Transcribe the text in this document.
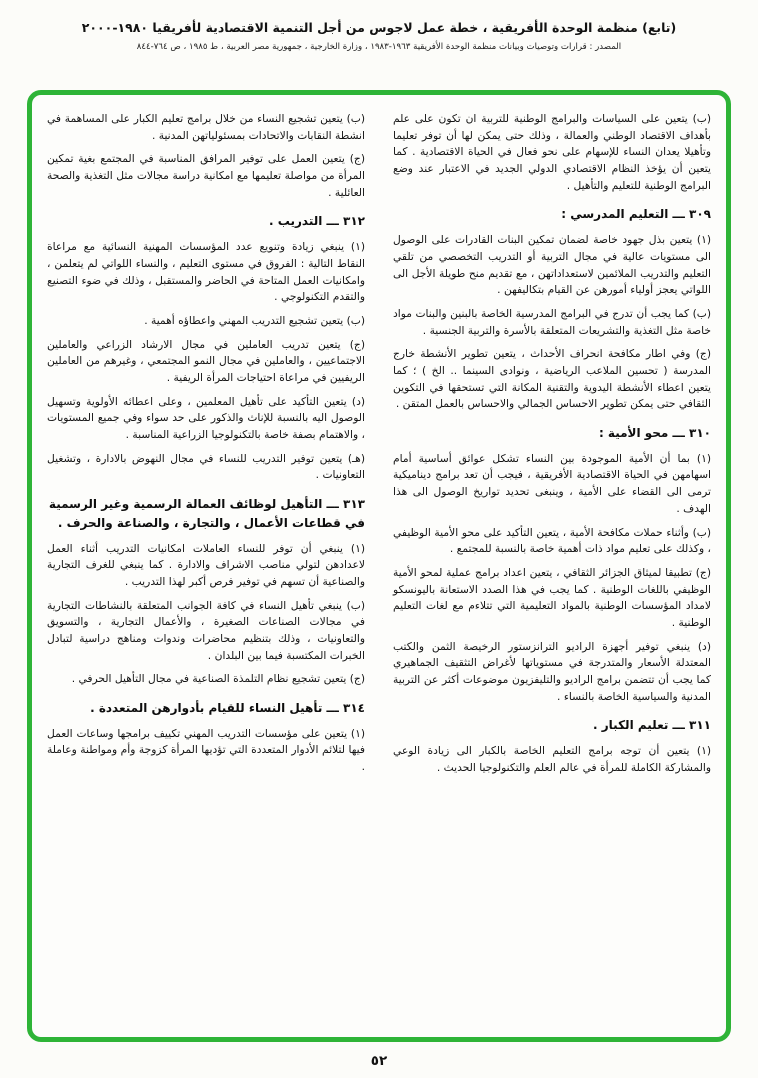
(تابع) منظمة الوحدة الأفريقية ، خطة عمل لاجوس من أجل التنمية الاقتصادية لأفريقيا ١٩٨٠-٢٠٠٠
المصدر : قرارات وتوصيات وبيانات منظمة الوحدة الأفريقية ١٩٦٣-١٩٨٣ ، وزارة الخارجية ، جمهورية مصر العربية ، ط ١٩٨٥ ، ص ٧٦٤-٨٤٤
(ب) يتعين على السياسات والبرامج الوطنية للتربية ان تكون على علم بأهداف الاقتصاد الوطني والعمالة ، وذلك حتى يمكن لها أن توفر تعليما وتأهيلا يعدان النساء للإسهام على نحو فعال في الحياة الاقتصادية . كما يتعين أن يؤخذ النظام الاقتصادي الدولي الجديد في الاعتبار عند وضع البرامج الوطنية للتعليم والتأهيل .
٣٠٩ ـــ التعليم المدرسي :
(١) يتعين بذل جهود خاصة لضمان تمكين البنات القادرات على الوصول الى مستويات عالية في مجال التربية أو التدريب التخصصي من تلقي التعليم والتدريب الملائمين لاستعداداتهن ، مع تقديم منح طويلة الأجل الى اللواتي يعجز أولياء أمورهن عن القيام بتكاليفهن .
(ب) كما يجب أن تدرج في البرامج المدرسية الخاصة بالبنين والبنات مواد خاصة مثل التغذية والتشريعات المتعلقة بالأسرة والتربية الجنسية .
(ج) وفي اطار مكافحة انحراف الأحداث ، يتعين تطوير الأنشطة خارج المدرسة ( تحسين الملاعب الرياضية ، ونوادى السينما .. الخ ) ؛ كما يتعين اعطاء الأنشطة اليدوية والتقنية المكانة التي تستحقها في التكوين الثقافي حتى يمكن تطوير الاحساس الجمالي والاحساس بالعمل المتقن .
٣١٠ ـــ محو الأمية :
(١) بما أن الأمية الموجودة بين النساء تشكل عوائق أساسية أمام اسهامهن في الحياة الاقتصادية الأفريقية ، فيجب أن تعد برامج ديناميكية ترمى الى القضاء على الأمية ، وينبغى تحديد تواريخ الوصول الى هذا الهدف .
(ب) وأثناء حملات مكافحة الأمية ، يتعين التأكيد على محو الأمية الوظيفي ، وكذلك على تعليم مواد ذات أهمية خاصة بالنسبة للمجتمع .
(ج) تطبيقا لميثاق الجزائر الثقافي ، يتعين اعداد برامج عملية لمحو الأمية الوظيفي باللغات الوطنية . كما يجب في هذا الصدد الاستعانة باليونسكو لامداد المؤسسات الوطنية بالمواد التعليمية التي تتلاءم مع لغات التعليم الوطنية .
(د) ينبغي توفير أجهزة الراديو الترانزستور الرخيصة الثمن والكتب المعتدلة الأسعار والمتدرجة في مستوياتها لأغراض التثقيف الجماهيري كما يجب أن تتضمن برامج الراديو والتليفزيون موضوعات أكثر عن التربية المدنية والسياسية الخاصة بالنساء .
٣١١ ـــ تعليم الكبار .
(١) يتعين أن توجه برامج التعليم الخاصة بالكبار الى زيادة الوعي والمشاركة الكاملة للمرأة في عالم العلم والتكنولوجيا الحديث .
(ب) يتعين تشجيع النساء من خلال برامج تعليم الكبار على المساهمة في انشطة النقابات والاتحادات بمسئولياتهن المدنية .
(ج) يتعين العمل على توفير المرافق المناسبة في المجتمع بغية تمكين المرأة من مواصلة تعليمها مع امكانية دراسة مجالات مثل التغذية والصحة العائلية .
٣١٢ ـــ التدريب .
(١) ينبغي زيادة وتنويع عدد المؤسسات المهنية النسائية مع مراعاة النقاط التالية : الفروق في مستوى التعليم ، والنساء اللواتي لم يتعلمن ، وامكانيات العمل المتاحة في الحاضر والمستقبل ، وذلك في ضوء التصنيع والتقدم التكنولوجي .
(ب) يتعين تشجيع التدريب المهني واعطاؤه أهمية .
(ج) يتعين تدريب العاملين في مجال الارشاد الزراعي والعاملين الاجتماعيين ، والعاملين في مجال النمو المجتمعي ، وغيرهم من العاملين الريفيين في مراعاة احتياجات المرأة الريفية .
(د) يتعين التأكيد على تأهيل المعلمين ، وعلى اعطائه الأولوية وتسهيل الوصول اليه بالنسبة للإناث والذكور على حد سواء وفي جميع المستويات ، والاهتمام بصفة خاصة بالتكنولوجيا الزراعية المناسبة .
(هـ) يتعين توفير التدريب للنساء في مجال النهوض بالادارة ، وتشغيل التعاونيات .
٣١٣ ـــ التأهيل لوظائف العمالة الرسمية وغير الرسمية في قطاعات الأعمال ، والتجارة ، والصناعة والحرف .
(١) ينبغي أن توفر للنساء العاملات امكانيات التدريب أثناء العمل لاعدادهن لتولي مناصب الاشراف والادارة . كما ينبغي للغرف التجارية والصناعية أن تسهم في توفير فرص أكبر لهذا التدريب .
(ب) ينبغي تأهيل النساء في كافة الجوانب المتعلقة بالنشاطات التجارية في مجالات الصناعات الصغيرة ، والأعمال التجارية ، والتسويق والتعاونيات ، وذلك بتنظيم محاضرات وندوات ومناهج دراسية لتبادل الخبرات المكتسبة فيما بين البلدان .
(ج) يتعين تشجيع نظام التلمذة الصناعية في مجال التأهيل الحرفي .
٣١٤ ـــ تأهيل النساء للقيام بأدوارهن المتعددة .
(١) يتعين على مؤسسات التدريب المهني تكييف برامجها وساعات العمل فيها لتلائم الأدوار المتعددة التي تؤديها المرأة كزوجة وأم ومواطنة وعاملة .
٥٢
